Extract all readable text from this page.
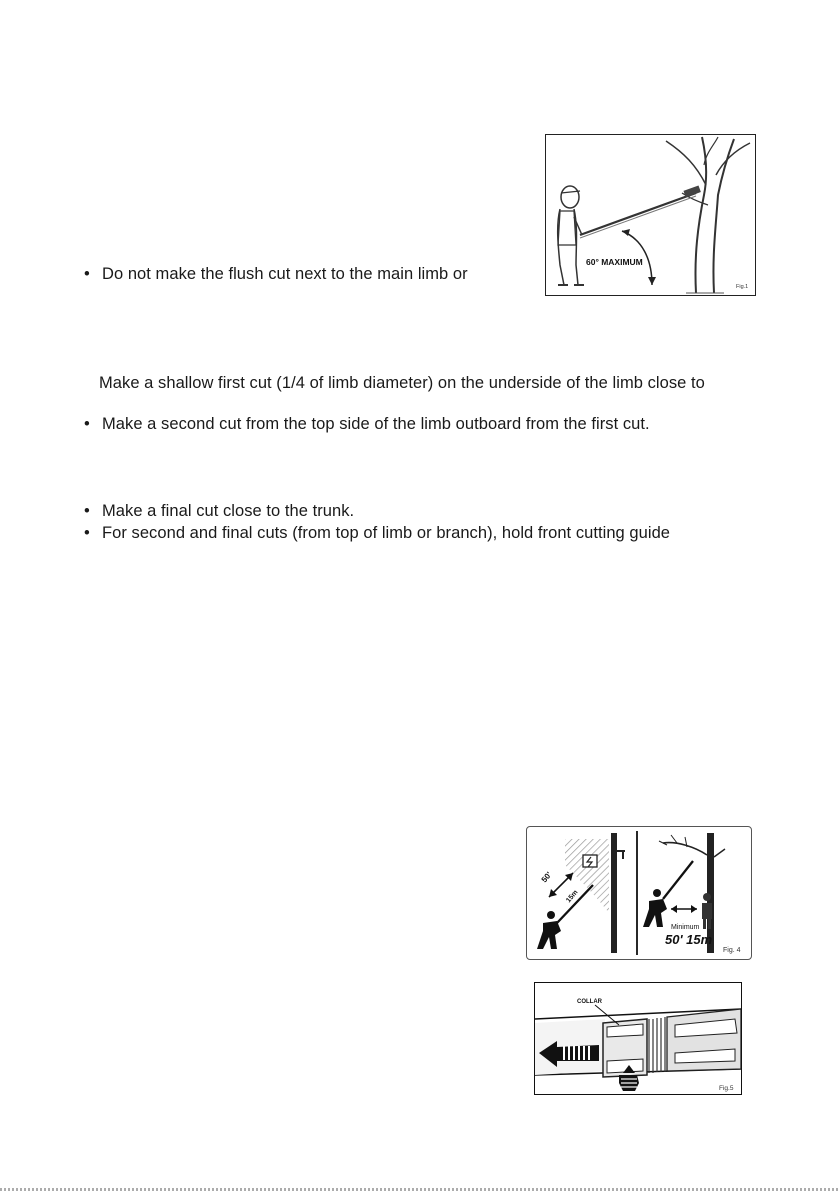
• Do not make the flush cut next to the main limb or
Make a shallow first cut (1/4 of limb diameter) on the underside of the limb close to
• Make a second cut from the top side of the limb outboard from the first cut.
• Make a final cut close to the trunk.
• For second and final cuts (from top of limb or branch), hold front cutting guide
60° MAXIMUM
Fig.1
50'
15m
Minimum
50' 15m
Fig. 4
COLLAR
Fig.5
